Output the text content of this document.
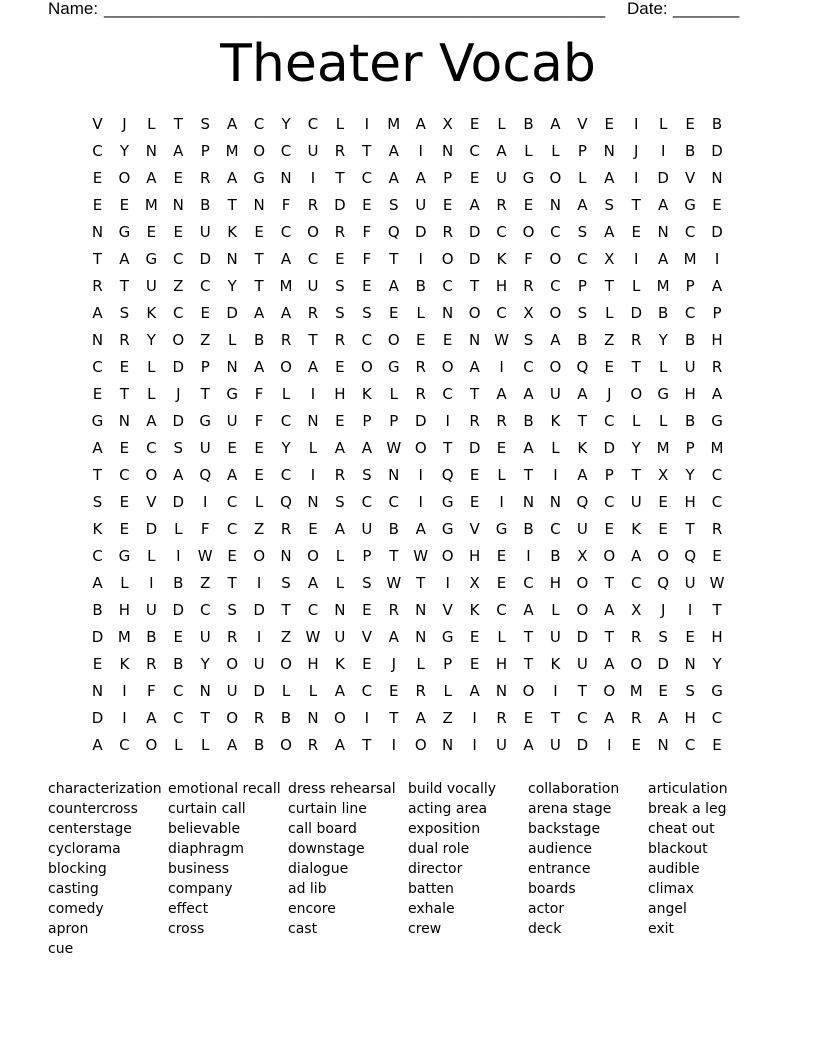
Name: _____________________________________________________ Date: _______
Theater Vocab
V	J	L	T	S	A	C	Y	C	L	I	M	A	X	E	L	B	A	V	E	I	L	E	B
C	Y	N	A	P	M O	C	U	R	T	A	I	N	C	A	L	L	P	N	J	I	B	D
E	O	A	E	R	A	G	N	I	T	C	A	A	P	E	U	G	O	L	A	I	D	V	N
E	E	M N	B	T	N	F	R	D	E	S	U	E	A	R	E	N	A	S	T	A	G	E
N	G	E	E	U	K	E	C	O	R	F	Q	D	R	D	C	O	C	S	A	E	N	C	D
T	A	G	C	D	N	T	A	C	E	F	T	I	O	D	K	F	O	C	X	I	A	M	I
R	T	U	Z	C	Y	T	M U	S	E	A	B	C	T	H	R	C	P	T	L	M	P	A
A	S	K	C	E	D	A	A	R	S	S	E	L	N	O	C	X	O	S	L	D	B	C	P
N	R	Y	O	Z	L	B	R	T	R	C	O	E	E	N W S	A	B	Z	R	Y	B	H
C	E	L	D	P	N	A	O	A	E	O	G	R	O	A	I	C	O	Q	E	T	L	U	R
E	T	L	J	T	G	F	L	I	H	K	L	R	C	T	A	A	U	A	J	O	G	H	A
G	N	A	D	G	U	F	C	N	E	P	P	D	I	R	R	B	K	T	C	L	L	B	G
A	E	C	S	U	E	E	Y	L	A	A W O	T	D	E	A	L	K	D	Y	M	P	M
T	C	O	A	Q	A	E	C	I	R	S	N	I	Q	E	L	T	I	A	P	T	X	Y	C
S	E	V	D	I	C	L	Q	N	S	C	C	I	G	E	I	N	N	Q	C	U	E	H	C
K	E	D	L	F	C	Z	R	E	A	U	B	A	G	V	G	B	C	U	E	K	E	T	R
C	G	L	I	W E	O	N	O	L	P	T W O	H	E	I	B	X	O	A	O	Q	E
A	L	I	B	Z	T	I	S	A	L	S W T	I	X	E	C	H	O	T	C	Q	U W
B	H	U	D	C	S	D	T	C	N	E	R	N	V	K	C	A	L	O	A	X	J	I	T
D M	B	E	U	R	I	Z W U	V	A	N	G	E	L	T	U	D	T	R	S	E	H
E	K	R	B	Y	O	U	O	H	K	E	J	L	P	E	H	T	K	U	A	O	D	N	Y
N	I	F	C	N	U	D	L	L	A	C	E	R	L	A	N	O	I	T	O M	E	S	G
D	I	A	C	T	O	R	B	N	O	I	T	A	Z	I	R	E	T	C	A	R	A	H	C
A	C	O	L	L	A	B	O	R	A	T	I	O	N	I	U	A	U	D	I	E	N	C	E
characterization
countercross
centerstage
cyclorama
blocking
casting
comedy
apron
cue
emotional recall
curtain call
believable
diaphragm
business
company
effect
cross
dress rehearsal
curtain line
call board
downstage
dialogue
ad lib
encore
cast
build vocally
acting area
exposition
dual role
director
batten
exhale
crew
collaboration
arena stage
backstage
audience
entrance
boards
actor
deck
articulation
break a leg
cheat out
blackout
audible
climax
angel
exit
